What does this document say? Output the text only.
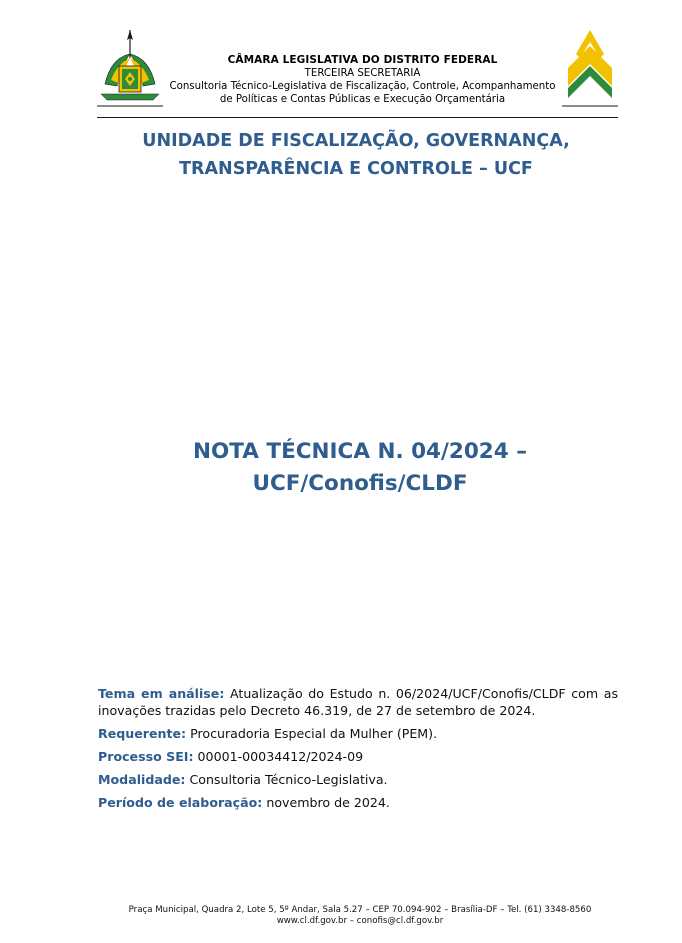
CÂMARA LEGISLATIVA DO DISTRITO FEDERAL
TERCEIRA SECRETARIA
Consultoria Técnico-Legislativa de Fiscalização, Controle, Acompanhamento
de Políticas e Contas Públicas e Execução Orçamentária
UNIDADE DE FISCALIZAÇÃO, GOVERNANÇA,
TRANSPARÊNCIA E CONTROLE – UCF
NOTA TÉCNICA N. 04/2024 –
UCF/Conofis/CLDF

Tema em análise: Atualização do Estudo n. 06/2024/UCF/Conofis/CLDF com as inovações trazidas pelo Decreto 46.319, de 27 de setembro de 2024.

Requerente: Procuradoria Especial da Mulher (PEM).

Processo SEI: 00001-00034412/2024-09

Modalidade: Consultoria Técnico-Legislativa.

Período de elaboração: novembro de 2024.

Praça Municipal, Quadra 2, Lote 5, 5º Andar, Sala 5.27 – CEP 70.094-902 – Brasília-DF – Tel. (61) 3348-8560
www.cl.df.gov.br – conofis@cl.df.gov.br
